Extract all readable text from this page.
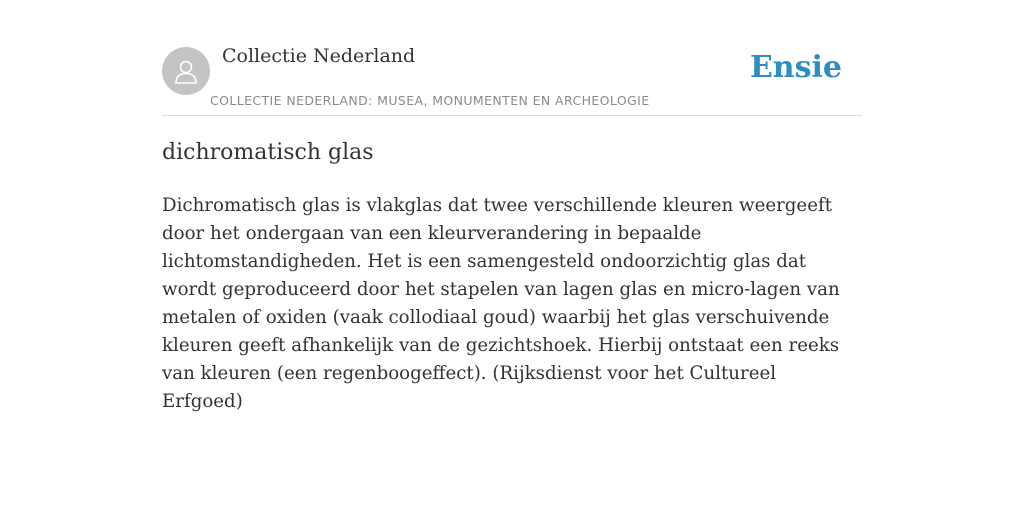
Collectie Nederland
COLLECTIE NEDERLAND: MUSEA, MONUMENTEN EN ARCHEOLOGIE
Ensie
dichromatisch glas

Dichromatisch glas is vlakglas dat twee verschillende kleuren weergeeft door het ondergaan van een kleurverandering in bepaalde lichtomstandigheden. Het is een samengesteld ondoorzichtig glas dat wordt geproduceerd door het stapelen van lagen glas en micro-lagen van metalen of oxiden (vaak collodiaal goud) waarbij het glas verschuivende kleuren geeft afhankelijk van de gezichtshoek. Hierbij ontstaat een reeks van kleuren (een regenboogeffect). (Rijksdienst voor het Cultureel Erfgoed)
